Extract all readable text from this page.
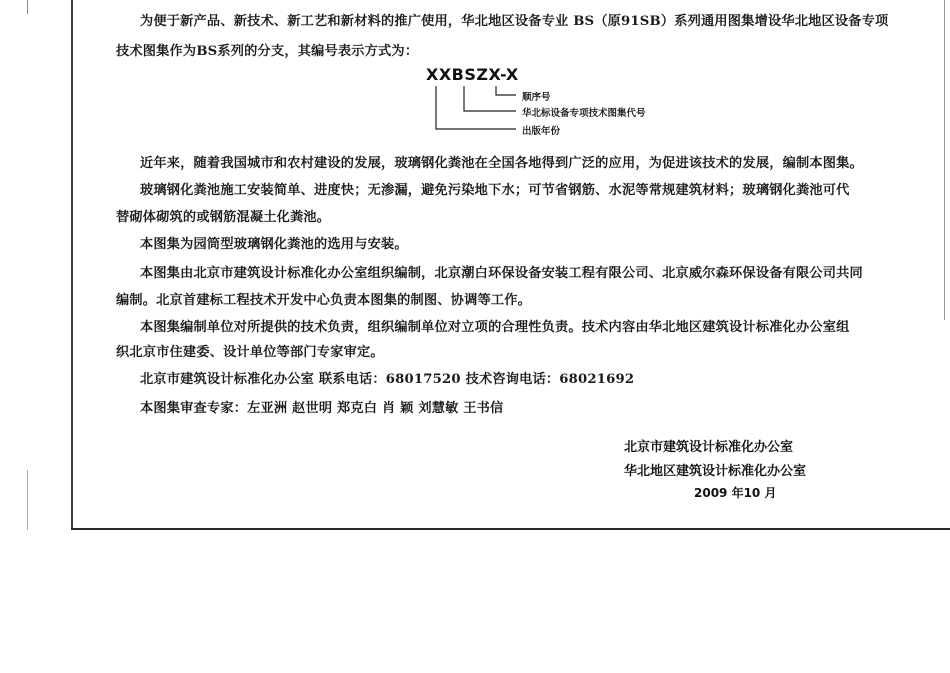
为便于新产品、新技术、新工艺和新材料的推广使用，华北地区设备专业 BS（原91SB）系列通用图集增设华北地区设备专项
技术图集作为BS系列的分支，其编号表示方式为：
XXBSZX-X
顺序号
华北标设备专项技术图集代号
出版年份
近年来，随着我国城市和农村建设的发展，玻璃钢化粪池在全国各地得到广泛的应用，为促进该技术的发展，编制本图集。
玻璃钢化粪池施工安装简单、进度快；无渗漏，避免污染地下水；可节省钢筋、水泥等常规建筑材料；玻璃钢化粪池可代
替砌体砌筑的或钢筋混凝土化粪池。
本图集为园筒型玻璃钢化粪池的选用与安装。
本图集由北京市建筑设计标准化办公室组织编制，北京潮白环保设备安装工程有限公司、北京威尔森环保设备有限公司共同
编制。北京首建标工程技术开发中心负责本图集的制图、协调等工作。
本图集编制单位对所提供的技术负责，组织编制单位对立项的合理性负责。技术内容由华北地区建筑设计标准化办公室组
织北京市住建委、设计单位等部门专家审定。
北京市建筑设计标准化办公室 联系电话：68017520 技术咨询电话：68021692
本图集审查专家：左亚洲 赵世明 郑克白 肖 颖 刘慧敏 王书信
北京市建筑设计标准化办公室
华北地区建筑设计标准化办公室
2009 年10 月
